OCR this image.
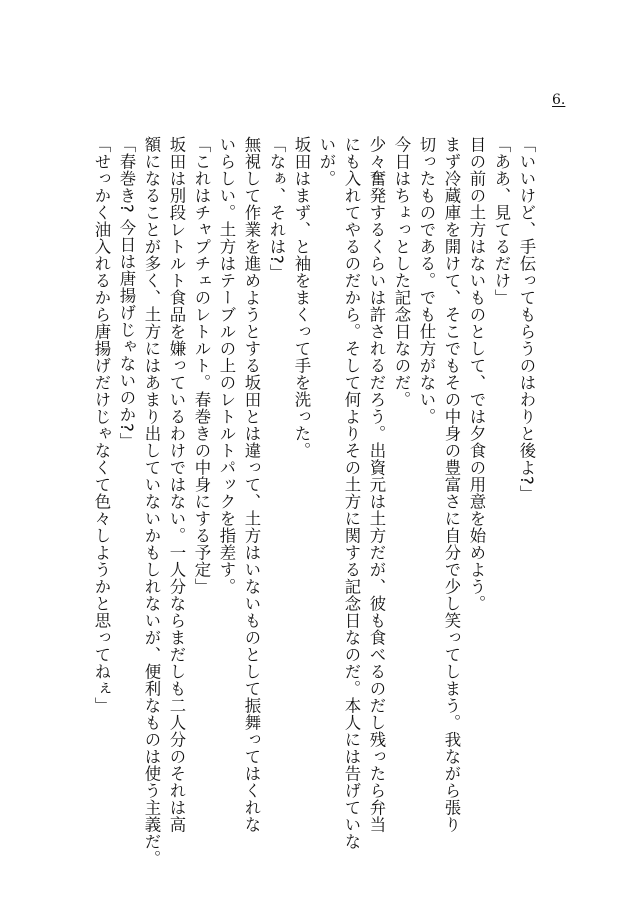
6.

「いいけど、手伝ってもらうのはわりと後よ?」

「ああ、見てるだけ」

目の前の土方はないものとして、では夕食の用意を始めよう。

まず冷蔵庫を開けて、そこでもその中身の豊富さに自分で少し笑ってしまう。我ながら張り

切ったものである。でも仕方がない。

今日はちょっとした記念日なのだ。

少々奮発するくらいは許されるだろう。出資元は土方だが、彼も食べるのだし残ったら弁当

にも入れてやるのだから。そして何よりその土方に関する記念日なのだ。本人には告げていな

いが。

坂田はまず、と袖をまくって手を洗った。

「なぁ、それは?」

無視して作業を進めようとする坂田とは違って、土方はいないものとして振舞ってはくれな

いらしい。土方はテーブルの上のレトルトパックを指差す。

「これはチャプチェのレトルト。春巻きの中身にする予定」

坂田は別段レトルト食品を嫌っているわけではない。一人分ならまだしも二人分のそれは高

額になることが多く、土方にはあまり出していないかもしれないが、便利なものは使う主義だ。

「春巻き? 今日は唐揚げじゃないのか?」

「せっかく油入れるから唐揚げだけじゃなくて色々しようかと思ってねぇ」
